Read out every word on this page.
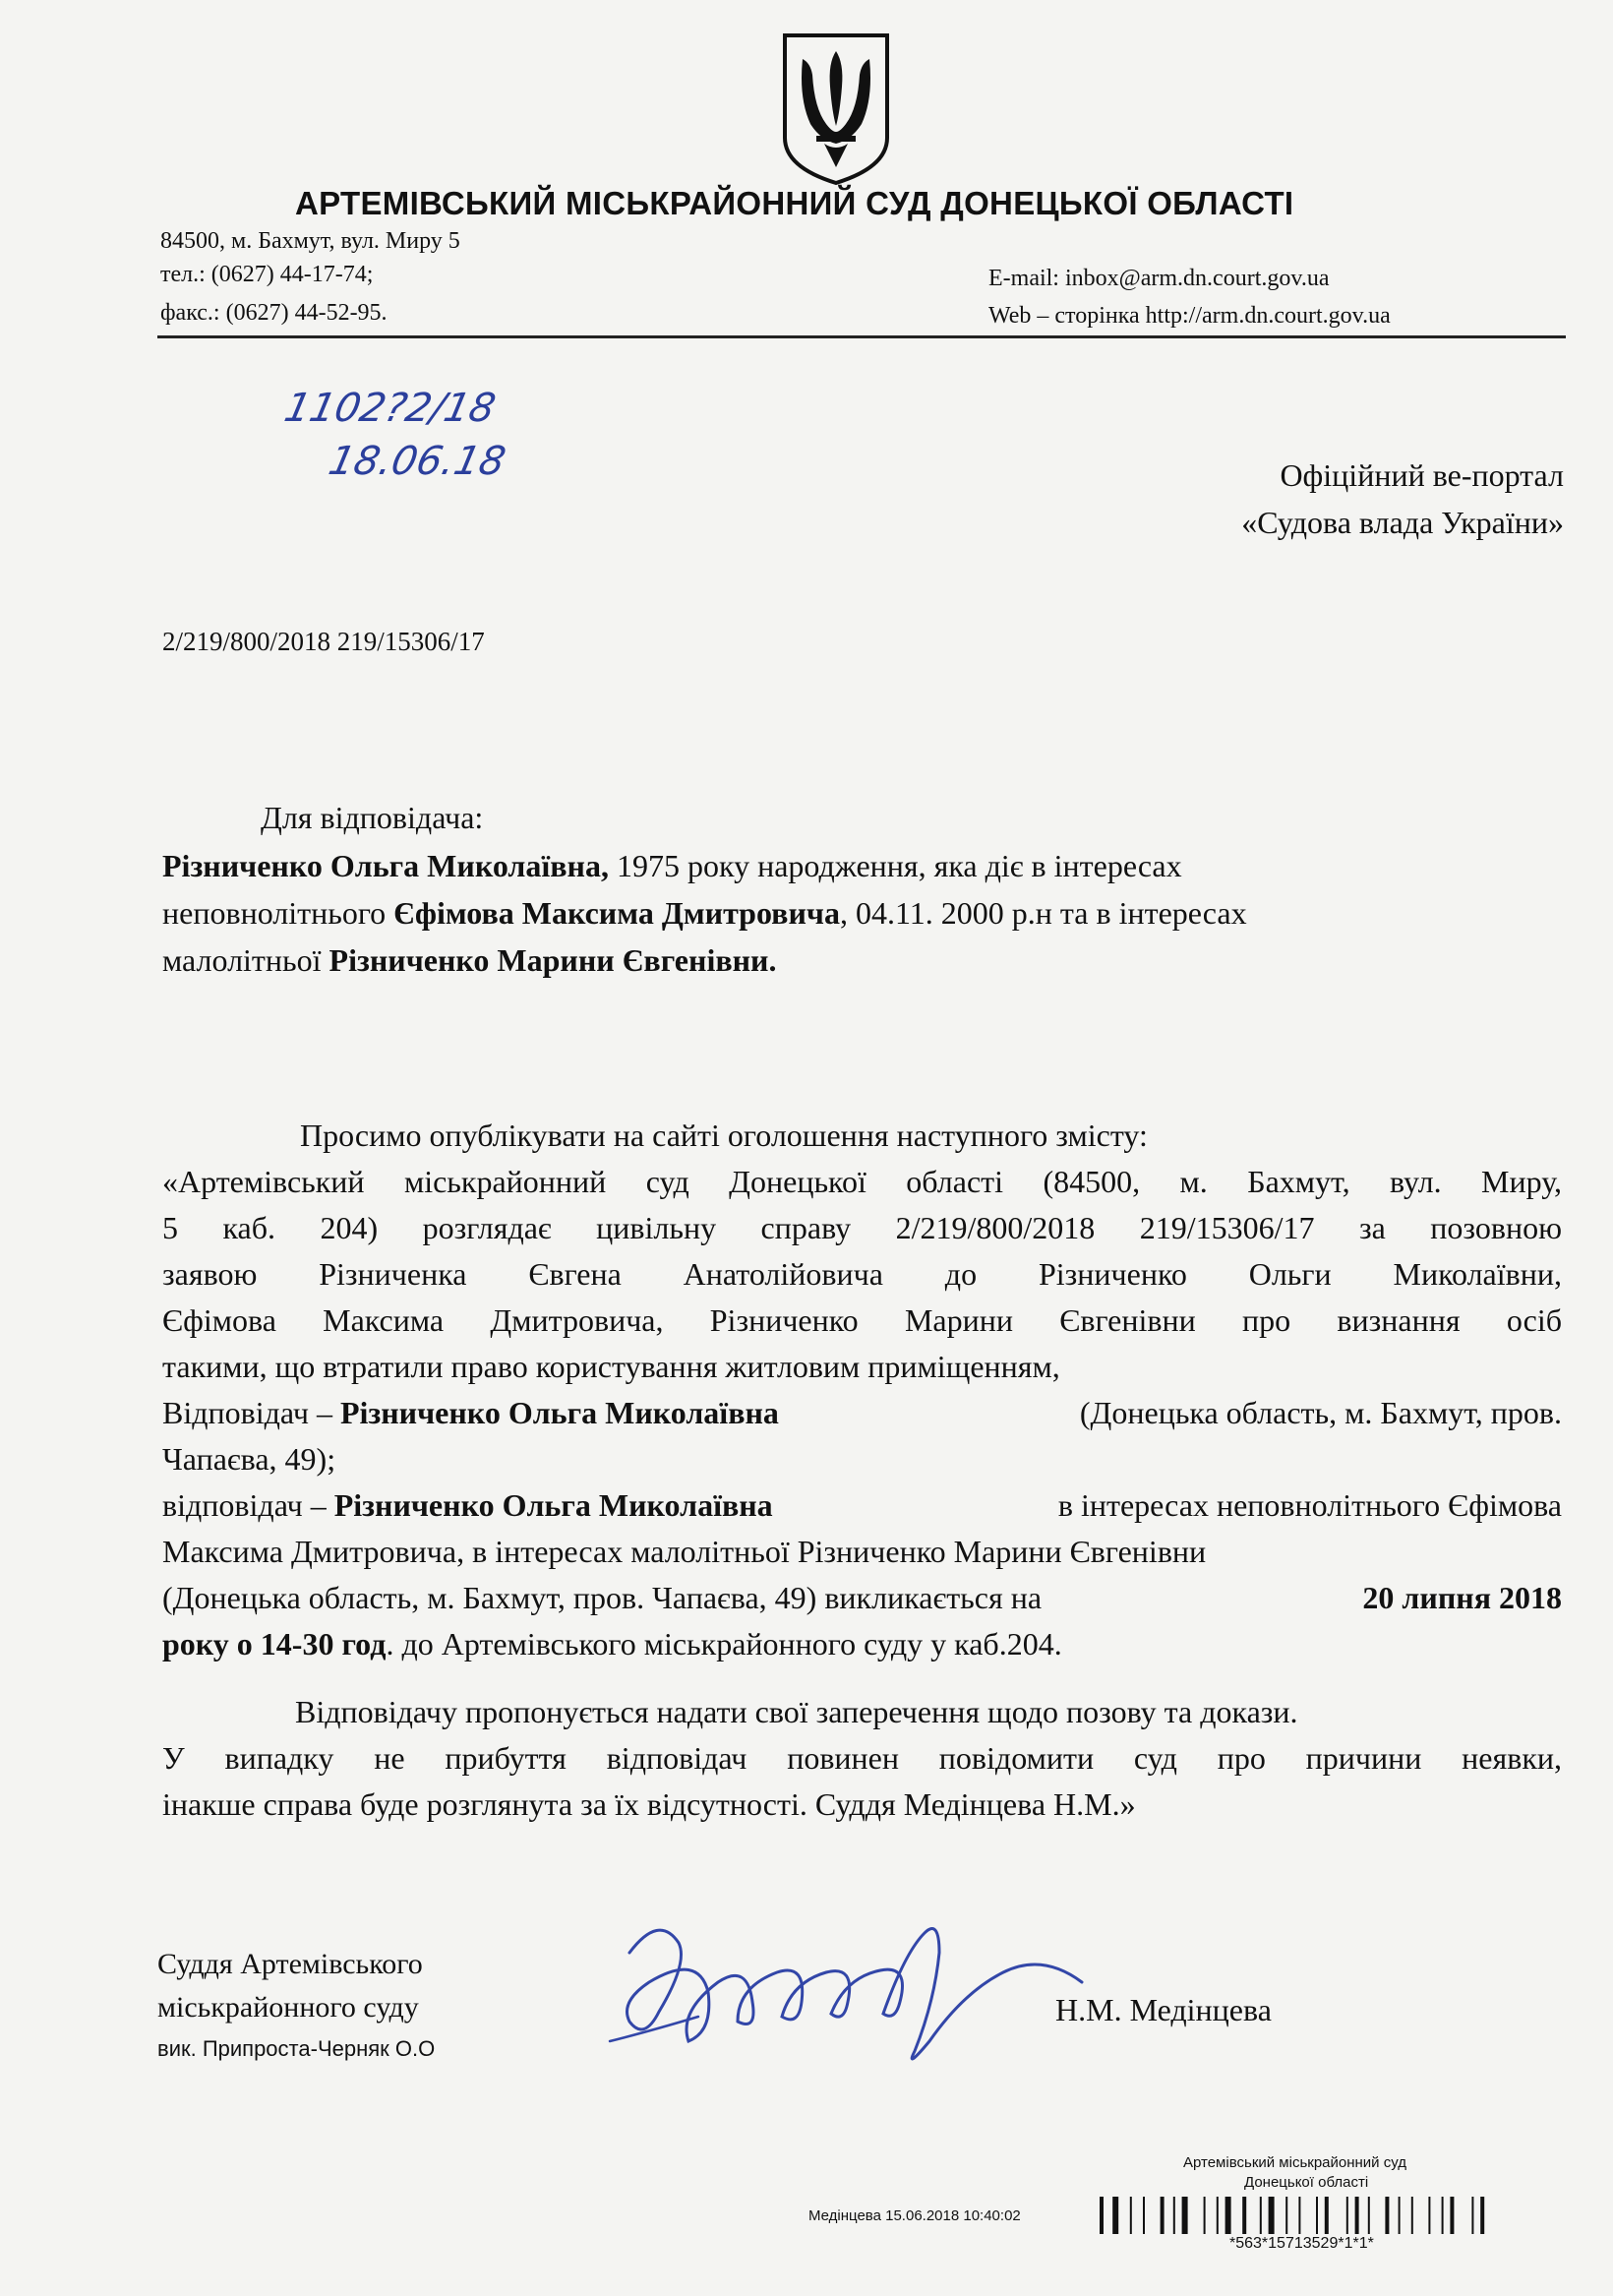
АРТЕМІВСЬКИЙ МІСЬКРАЙОННИЙ СУД ДОНЕЦЬКОЇ ОБЛАСТІ
84500, м. Бахмут, вул. Миру 5
тел.: (0627) 44-17-74;
факс.: (0627) 44-52-95.
E-mail: inbox@arm.dn.court.gov.ua
Web – сторінка http://arm.dn.court.gov.ua
1102?2/18
18.06.18	Офіційний ве-портал
«Судова влада України»
2/219/800/2018 219/15306/17
Для відповідача:
Різниченко Ольга Миколаївна, 1975 року народження, яка діє в інтересах
неповнолітнього Єфімова Максима Дмитровича, 04.11. 2000 р.н та в інтересах
малолітньої Різниченко Марини Євгенівни.
Просимо опублікувати на сайті оголошення наступного змісту:
«Артемівський міськрайонний суд Донецької області (84500, м. Бахмут, вул. Миру,
5 каб. 204) розглядає цивільну справу 2/219/800/2018 219/15306/17 за позовною
заявою Різниченка Євгена Анатолійовича до Різниченко Ольги Миколаївни,
Єфімова Максима Дмитровича, Різниченко Марини Євгенівни про визнання осіб
такими, що втратили право користування житловим приміщенням,
Відповідач – Різниченко Ольга Миколаївна	(Донецька область, м. Бахмут, пров.
Чапаєва, 49);
відповідач – Різниченко Ольга Миколаївна	в інтересах неповнолітнього Єфімова
Максима Дмитровича, в інтересах малолітньої Різниченко Марини Євгенівни
(Донецька область, м. Бахмут, пров. Чапаєва, 49) викликається на	20 липня 2018
року о 14-30 год. до Артемівського міськрайонного суду у каб.204.
Відповідачу пропонується надати свої заперечення щодо позову та докази.
У випадку не прибуття відповідач повинен повідомити суд про причини неявки,
інакше справа буде розглянута за їх відсутності. Суддя Медінцева Н.М.»
Суддя Артемівського
міськрайонного суду
вик. Припроста-Черняк О.О
Н.М. Медінцева
Артемівський міськрайонний суд
Донецької області
Медінцева 15.06.2018 10:40:02
*563*15713529*1*1*
